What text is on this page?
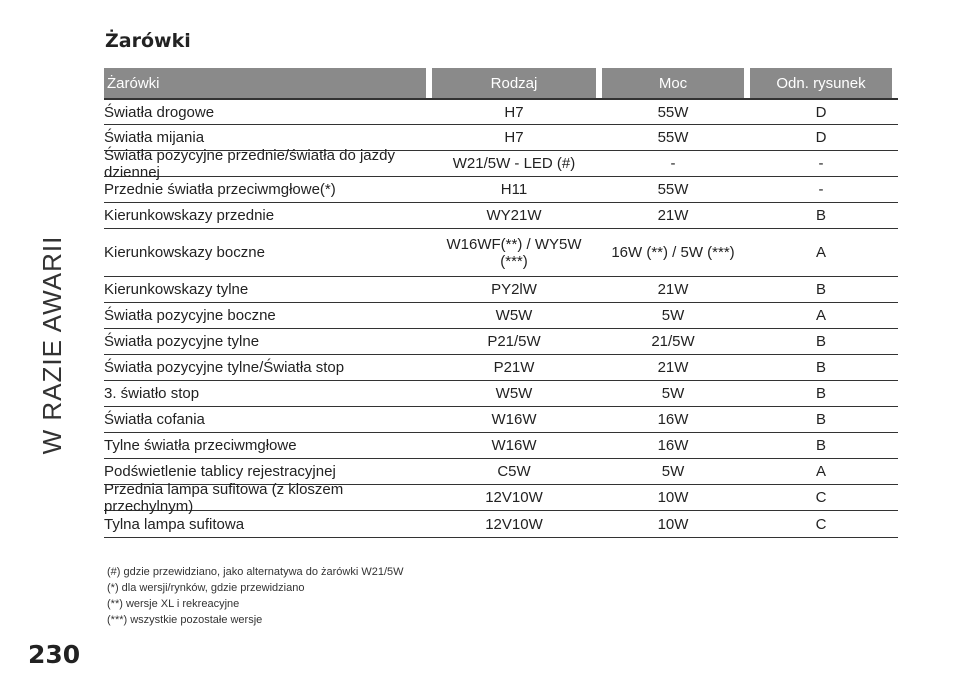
W RAZIE AWARII
230
Żarówki
Żarówki	Rodzaj	Moc	Odn. rysunek
Światła drogowe	H7	55W	D
Światła mijania	H7	55W	D
Światła pozycyjne przednie/światła do jazdy dziennej	W21/5W - LED (#)	-	-
Przednie światła przeciwmgłowe(*)	H11	55W	-
Kierunkowskazy przednie	WY21W	21W	B
Kierunkowskazy boczne	W16WF(**) / WY5W (***)	16W (**) / 5W (***)	A
Kierunkowskazy tylne	PY2lW	21W	B
Światła pozycyjne boczne	W5W	5W	A
Światła pozycyjne tylne	P21/5W	21/5W	B
Światła pozycyjne tylne/Światła stop	P21W	21W	B
3. światło stop	W5W	5W	B
Światła cofania	W16W	16W	B
Tylne światła przeciwmgłowe	W16W	16W	B
Podświetlenie tablicy rejestracyjnej	C5W	5W	A
Przednia lampa sufitowa (z kloszem przechylnym)	12V10W	10W	C
Tylna lampa sufitowa	12V10W	10W	C
(#) gdzie przewidziano, jako alternatywa do żarówki W21/5W
(*) dla wersji/rynków, gdzie przewidziano
(**) wersje XL i rekreacyjne
(***) wszystkie pozostałe wersje
